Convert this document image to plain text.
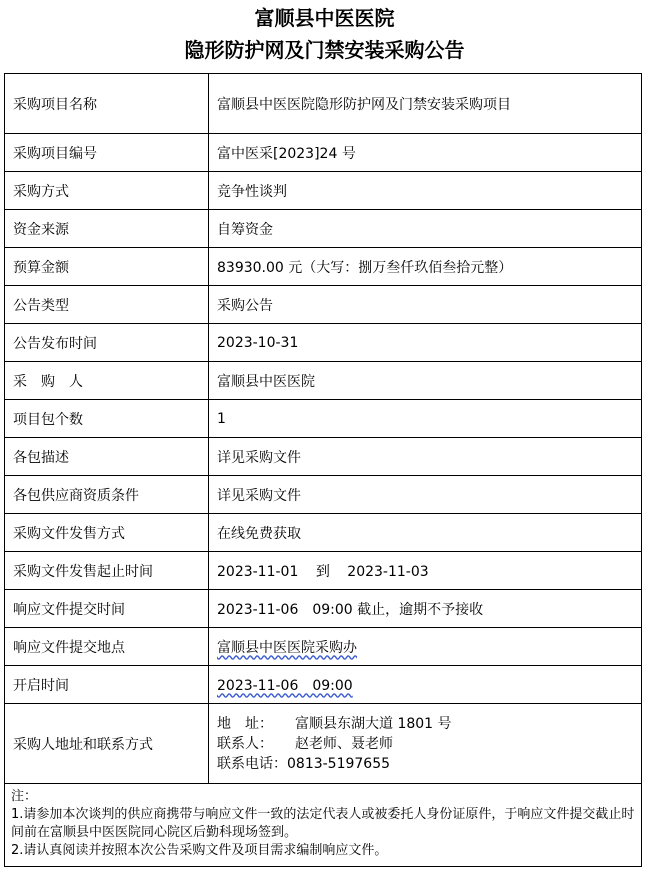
富顺县中医医院

隐形防护网及门禁安装采购公告

采购项目名称	富顺县中医医院隐形防护网及门禁安装采购项目
采购项目编号	富中医采[2023]24 号
采购方式	竞争性谈判
资金来源	自筹资金
预算金额	83930.00 元（大写：捌万叁仟玖佰叁拾元整）
公告类型	采购公告
公告发布时间	2023-10-31
采　购　人	富顺县中医医院
项目包个数	1
各包描述	详见采购文件
各包供应商资质条件	详见采购文件
采购文件发售方式	在线免费获取
采购文件发售起止时间	2023-11-01 到 2023-11-03
响应文件提交时间	2023-11-06　09:00 截止，逾期不予接收
响应文件提交地点	富顺县中医医院采购办
开启时间	2023-11-06　09:00
采购人地址和联系方式	地　址： 富顺县东湖大道 1801 号
联系人： 赵老师、聂老师
联系电话：0813-5197655

注：
1.请参加本次谈判的供应商携带与响应文件一致的法定代表人或被委托人身份证原件，于响应文件提交截止时间前在富顺县中医医院同心院区后勤科现场签到。
2.请认真阅读并按照本次公告采购文件及项目需求编制响应文件。	
